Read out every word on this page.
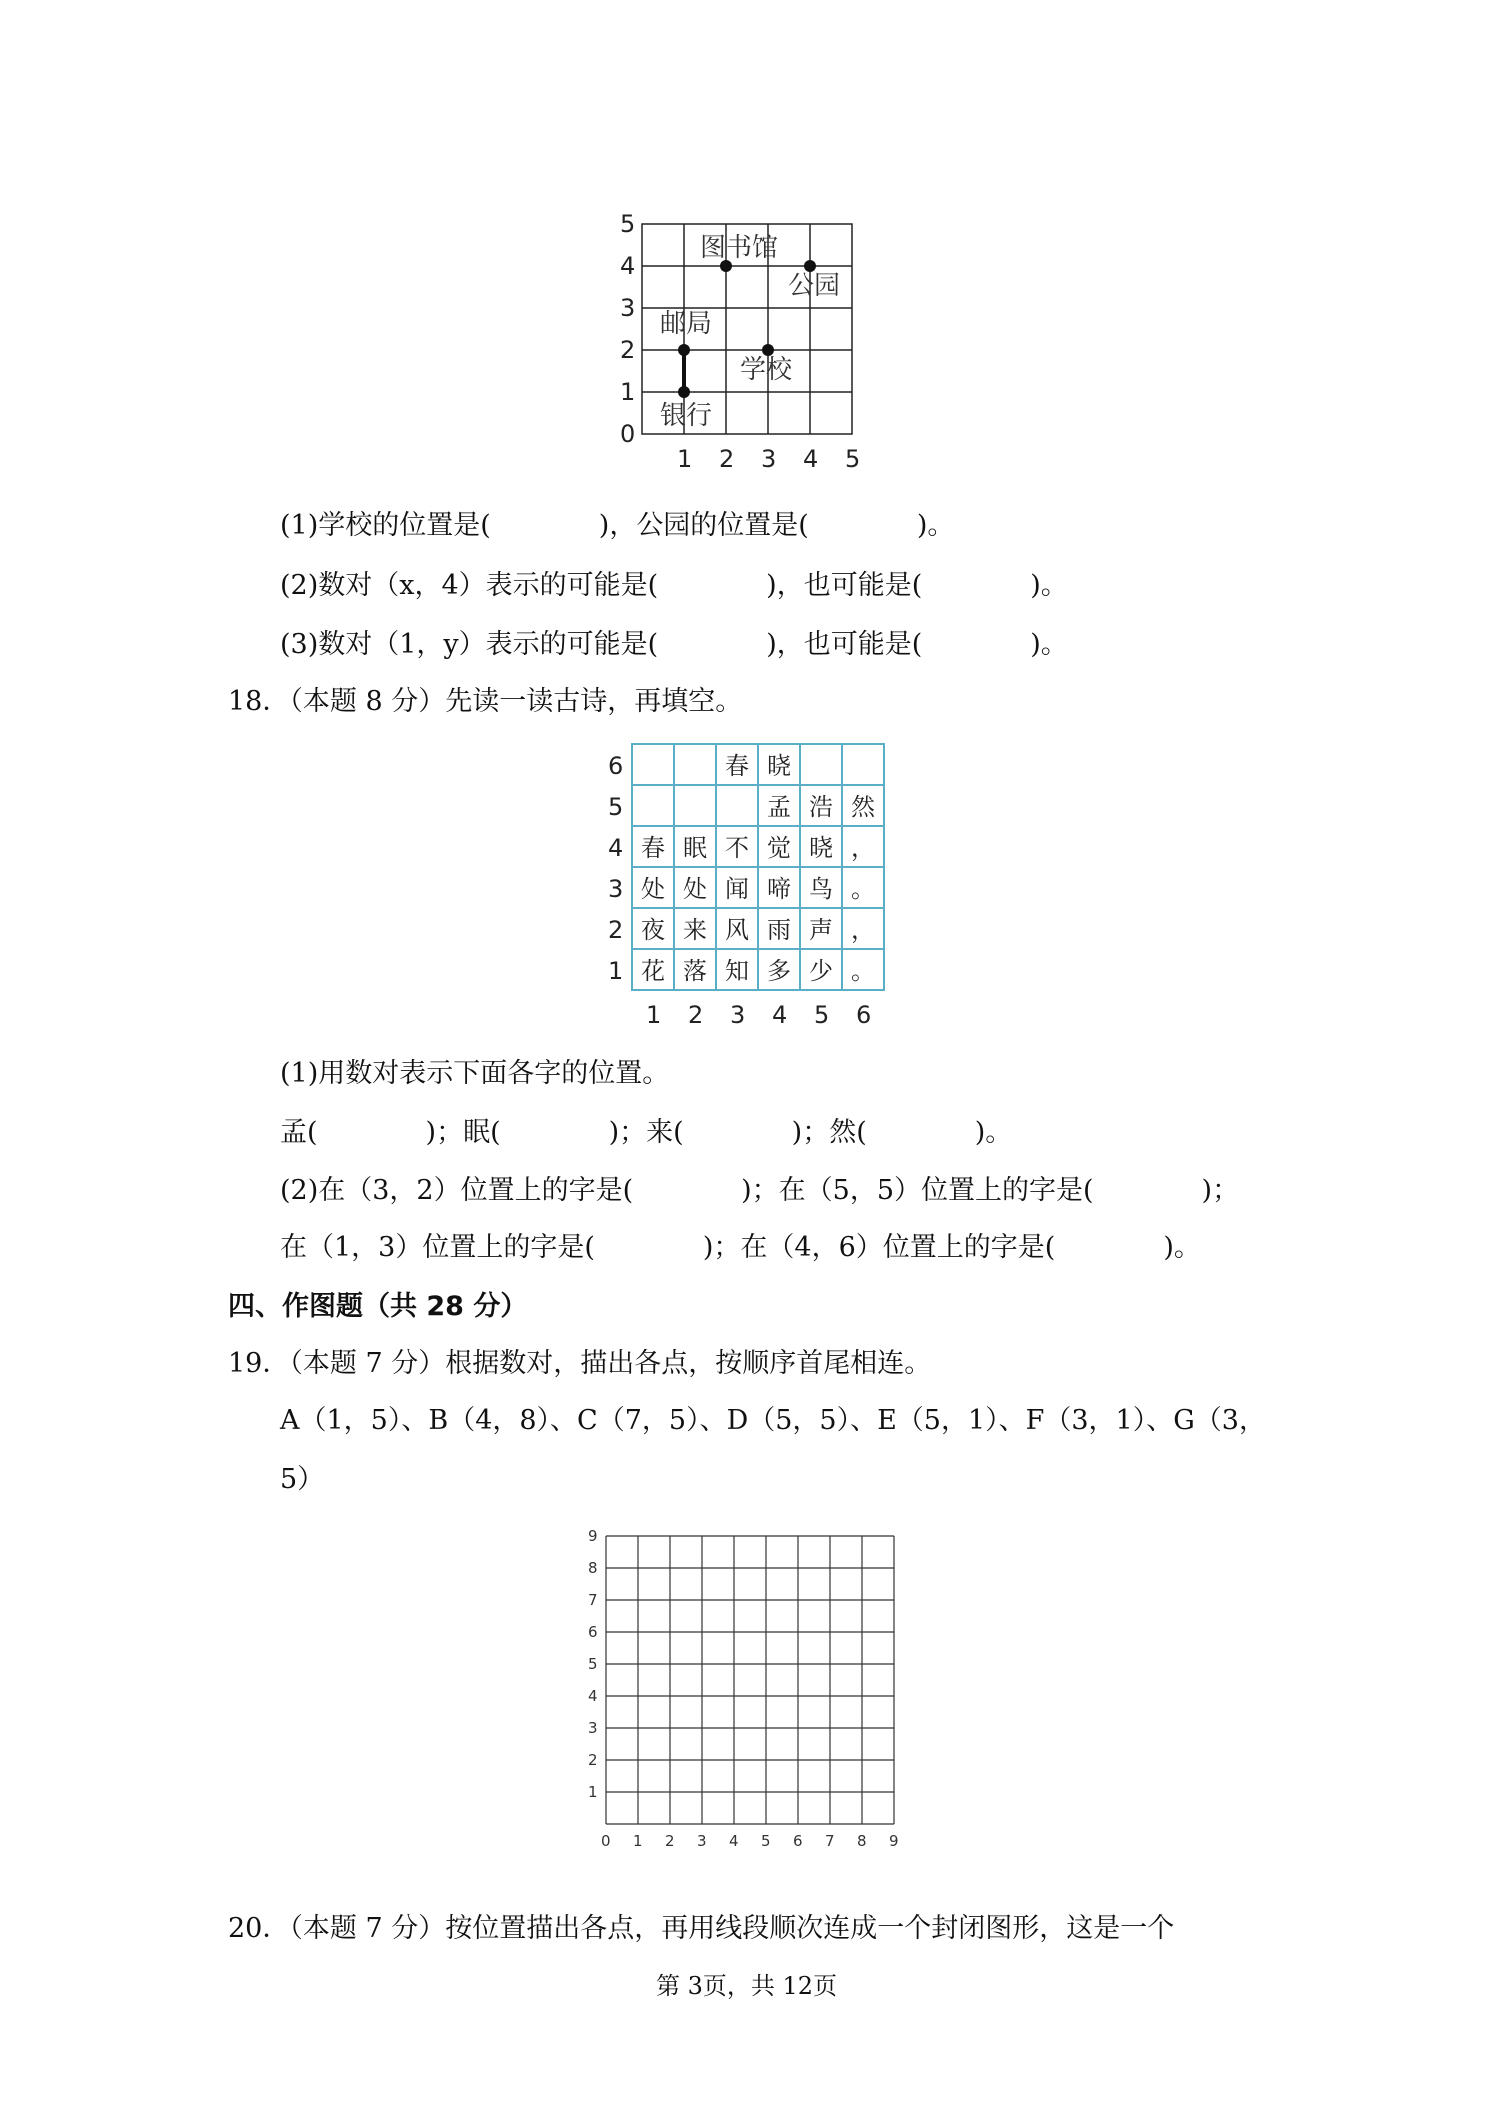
5
4
3
2
1
0
1 2 3 4 5
图书馆
公园
邮局
学校
银行
(1)学校的位置是(　　　　)，公园的位置是(　　　　)。
(2)数对（x，4）表示的可能是(　　　　)，也可能是(　　　　)。
(3)数对（1，y）表示的可能是(　　　　)，也可能是(　　　　)。
18．（本题 8 分）先读一读古诗，再填空。
6
5
4
3
2
1
1 2 3 4 5 6
春 晓
孟 浩 然
春 眠 不 觉 晓 ，
处 处 闻 啼 鸟 。
夜 来 风 雨 声 ，
花 落 知 多 少 。
(1)用数对表示下面各字的位置。
孟(　　　　)；眠(　　　　)；来(　　　　)；然(　　　　)。
(2)在（3，2）位置上的字是(　　　　)；在（5，5）位置上的字是(　　　　)；
在（1，3）位置上的字是(　　　　)；在（4，6）位置上的字是(　　　　)。
四、作图题（共 28 分）
19．（本题 7 分）根据数对，描出各点，按顺序首尾相连。
A（1，5）、B（4，8）、C（7，5）、D（5，5）、E（5，1）、F（3，1）、G（3，
5）
9
8
7
6
5
4
3
2
1
0 1 2 3 4 5 6 7 8 9
20．（本题 7 分）按位置描出各点，再用线段顺次连成一个封闭图形，这是一个
第 3页，共 12页
